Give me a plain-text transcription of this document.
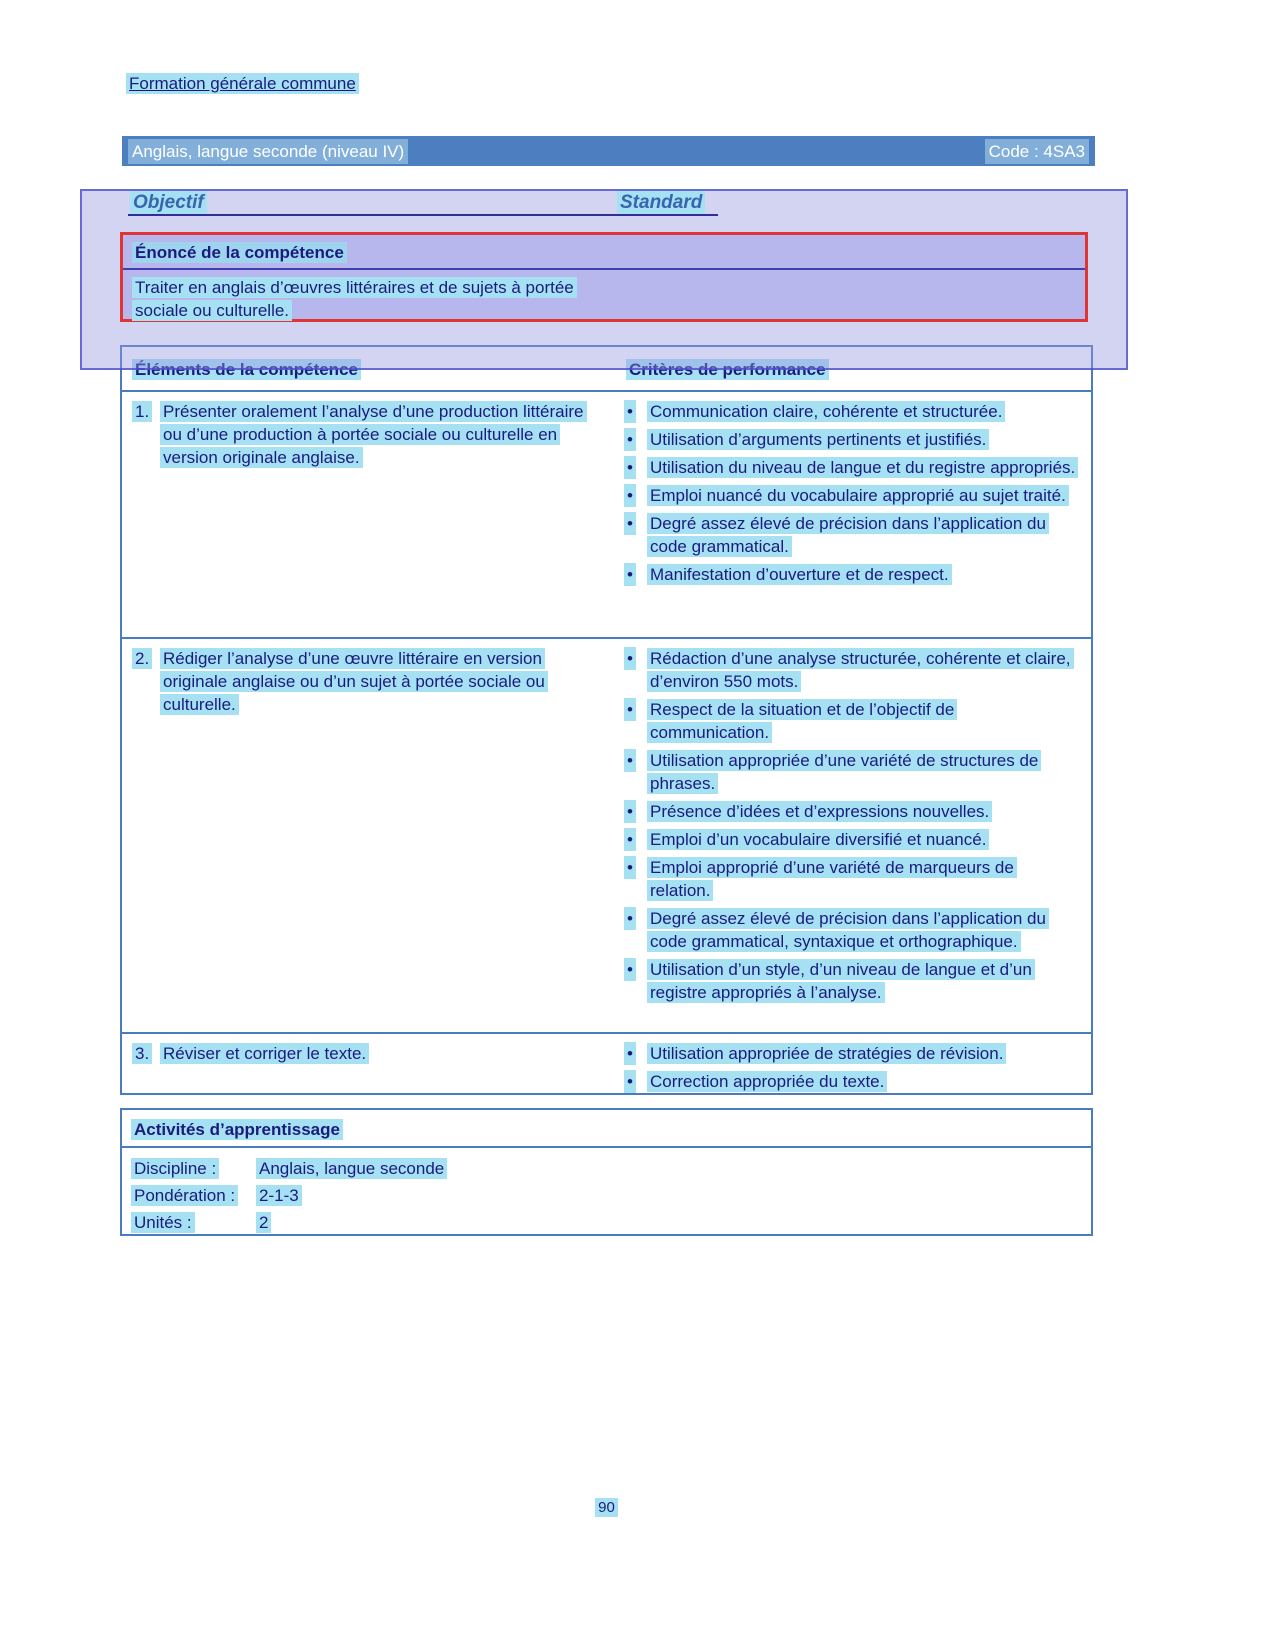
Formation générale commune
Anglais, langue seconde (niveau IV)	Code : 4SA3
Objectif	Standard
Énoncé de la compétence
Traiter en anglais d’œuvres littéraires et de sujets à portée sociale ou culturelle.
Éléments de la compétence	Critères de performance
1. Présenter oralement l’analyse d’une production littéraire ou d’une production à portée sociale ou culturelle en version originale anglaise.
• Communication claire, cohérente et structurée.
• Utilisation d’arguments pertinents et justifiés.
• Utilisation du niveau de langue et du registre appropriés.
• Emploi nuancé du vocabulaire approprié au sujet traité.
• Degré assez élevé de précision dans l’application du code grammatical.
• Manifestation d’ouverture et de respect.
2. Rédiger l’analyse d’une œuvre littéraire en version originale anglaise ou d’un sujet à portée sociale ou culturelle.
• Rédaction d’une analyse structurée, cohérente et claire, d’environ 550 mots.
• Respect de la situation et de l’objectif de communication.
• Utilisation appropriée d’une variété de structures de phrases.
• Présence d’idées et d’expressions nouvelles.
• Emploi d’un vocabulaire diversifié et nuancé.
• Emploi approprié d’une variété de marqueurs de relation.
• Degré assez élevé de précision dans l’application du code grammatical, syntaxique et orthographique.
• Utilisation d’un style, d’un niveau de langue et d’un registre appropriés à l’analyse.
3. Réviser et corriger le texte.	• Utilisation appropriée de stratégies de révision.
• Correction appropriée du texte.
Activités d’apprentissage
Discipline :	Anglais, langue seconde
Pondération :	2-1-3
Unités :	2
90
